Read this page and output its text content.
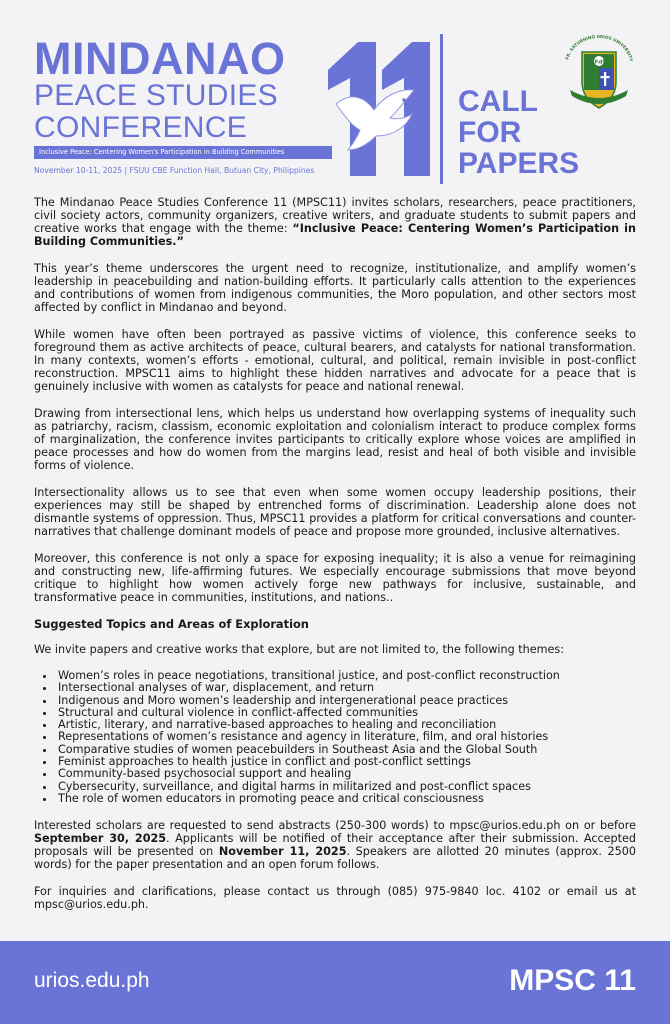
MINDANAO
PEACE STUDIES
CONFERENCE
Inclusive Peace: Centering Women's Participation in Building Communities
November 10-11, 2025 | FSUU CBE Function Hall, Butuan City, Philippines
CALL
FOR
PAPERS
FR. SATURNINO URIOS UNIVERSITY
FdS

The Mindanao Peace Studies Conference 11 (MPSC11) invites scholars, researchers, peace practitioners, civil society actors, community organizers, creative writers, and graduate students to submit papers and creative works that engage with the theme: “Inclusive Peace: Centering Women’s Participation in Building Communities.”

This year’s theme underscores the urgent need to recognize, institutionalize, and amplify women’s leadership in peacebuilding and nation-building efforts. It particularly calls attention to the experiences and contributions of women from indigenous communities, the Moro population, and other sectors most affected by conflict in Mindanao and beyond.

While women have often been portrayed as passive victims of violence, this conference seeks to foreground them as active architects of peace, cultural bearers, and catalysts for national transformation. In many contexts, women’s efforts - emotional, cultural, and political, remain invisible in post-conflict reconstruction. MPSC11 aims to highlight these hidden narratives and advocate for a peace that is genuinely inclusive with women as catalysts for peace and national renewal.

Drawing from intersectional lens, which helps us understand how overlapping systems of inequality such as patriarchy, racism, classism, economic exploitation and colonialism interact to produce complex forms of marginalization, the conference invites participants to critically explore whose voices are amplified in peace processes and how do women from the margins lead, resist and heal of both visible and invisible forms of violence.

Intersectionality allows us to see that even when some women occupy leadership positions, their experiences may still be shaped by entrenched forms of discrimination. Leadership alone does not dismantle systems of oppression. Thus, MPSC11 provides a platform for critical conversations and counter-narratives that challenge dominant models of peace and propose more grounded, inclusive alternatives.

Moreover, this conference is not only a space for exposing inequality; it is also a venue for reimagining and constructing new, life-affirming futures. We especially encourage submissions that move beyond critique to highlight how women actively forge new pathways for inclusive, sustainable, and transformative peace in communities, institutions, and nations..

Suggested Topics and Areas of Exploration

We invite papers and creative works that explore, but are not limited to, the following themes:

• Women’s roles in peace negotiations, transitional justice, and post-conflict reconstruction
• Intersectional analyses of war, displacement, and return
• Indigenous and Moro women’s leadership and intergenerational peace practices
• Structural and cultural violence in conflict-affected communities
• Artistic, literary, and narrative-based approaches to healing and reconciliation
• Representations of women’s resistance and agency in literature, film, and oral histories
• Comparative studies of women peacebuilders in Southeast Asia and the Global South
• Feminist approaches to health justice in conflict and post-conflict settings
• Community-based psychosocial support and healing
• Cybersecurity, surveillance, and digital harms in militarized and post-conflict spaces
• The role of women educators in promoting peace and critical consciousness

Interested scholars are requested to send abstracts (250-300 words) to mpsc@urios.edu.ph on or before September 30, 2025. Applicants will be notified of their acceptance after their submission. Accepted proposals will be presented on November 11, 2025. Speakers are allotted 20 minutes (approx. 2500 words) for the paper presentation and an open forum follows.

For inquiries and clarifications, please contact us through (085) 975-9840 loc. 4102 or email us at mpsc@urios.edu.ph.

urios.edu.ph	MPSC 11
